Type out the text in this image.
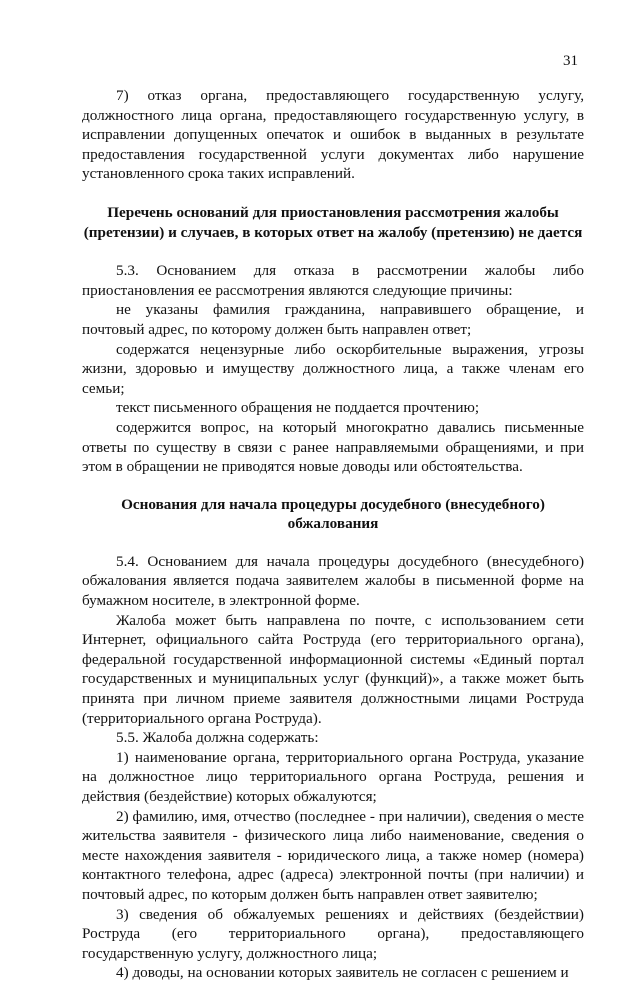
31

7) отказ органа, предоставляющего государственную услугу, должностного лица органа, предоставляющего государственную услугу, в исправлении допущенных опечаток и ошибок в выданных в результате предоставления государственной услуги документах либо нарушение установленного срока таких исправлений.

Перечень оснований для приостановления рассмотрения жалобы (претензии) и случаев, в которых ответ на жалобу (претензию) не дается

5.3. Основанием для отказа в рассмотрении жалобы либо приостановления ее рассмотрения являются следующие причины:

не указаны фамилия гражданина, направившего обращение, и почтовый адрес, по которому должен быть направлен ответ;

содержатся нецензурные либо оскорбительные выражения, угрозы жизни, здоровью и имуществу должностного лица, а также членам его семьи;

текст письменного обращения не поддается прочтению;

содержится вопрос, на который многократно давались письменные ответы по существу в связи с ранее направляемыми обращениями, и при этом в обращении не приводятся новые доводы или обстоятельства.

Основания для начала процедуры досудебного (внесудебного) обжалования

5.4. Основанием для начала процедуры досудебного (внесудебного) обжалования является подача заявителем жалобы в письменной форме на бумажном носителе, в электронной форме.

Жалоба может быть направлена по почте, с использованием сети Интернет, официального сайта Роструда (его территориального органа), федеральной государственной информационной системы «Единый портал государственных и муниципальных услуг (функций)», а также может быть принята при личном приеме заявителя должностными лицами Роструда (территориального органа Роструда).

5.5. Жалоба должна содержать:

1) наименование органа, территориального органа Роструда, указание на должностное лицо территориального органа Роструда, решения и действия (бездействие) которых обжалуются;

2) фамилию, имя, отчество (последнее - при наличии), сведения о месте жительства заявителя - физического лица либо наименование, сведения о месте нахождения заявителя - юридического лица, а также номер (номера) контактного телефона, адрес (адреса) электронной почты (при наличии) и почтовый адрес, по которым должен быть направлен ответ заявителю;

3) сведения об обжалуемых решениях и действиях (бездействии) Роструда (его территориального органа), предоставляющего государственную услугу, должностного лица;

4) доводы, на основании которых заявитель не согласен с решением и
